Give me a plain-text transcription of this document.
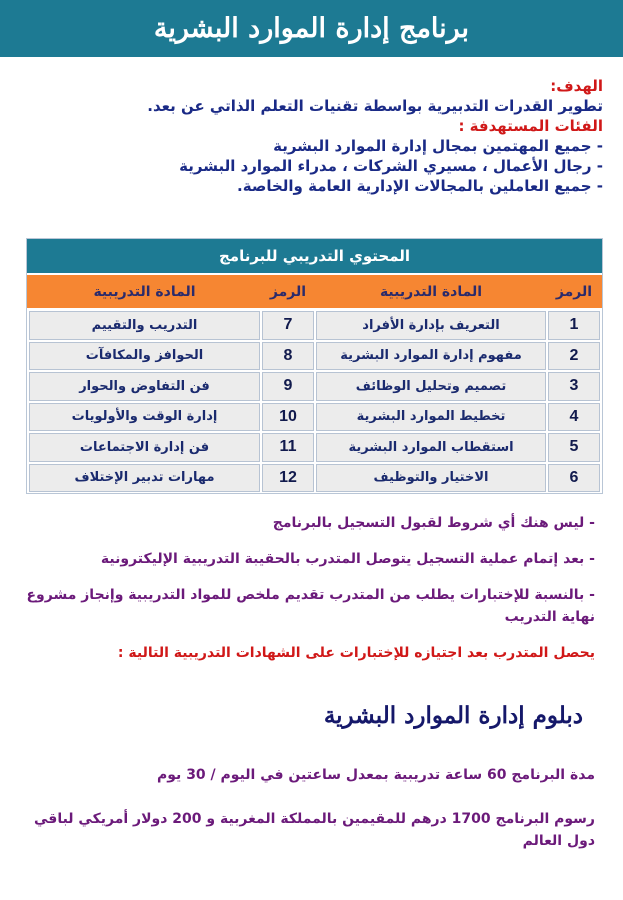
برنامج إدارة الموارد البشرية
الهدف:
تطوير القدرات التدبيرية بواسطة تقنيات التعلم الذاتي عن بعد.
الفئات المستهدفة :
- جميع المهتمين بمجال إدارة الموارد البشرية
- رجال الأعمال ، مسيري الشركات ، مدراء الموارد البشرية
- جميع العاملين بالمجالات الإدارية العامة والخاصة.
المحتوي التدريبي للبرنامج
الرمز
المادة التدريبية
الرمز
المادة التدريبية
1
التعريف بإدارة الأفراد
7
التدريب والتقييم
2
مفهوم إدارة الموارد البشرية
8
الحوافز والمكافآت
3
تصميم وتحليل الوظائف
9
فن التفاوض والحوار
4
تخطيط الموارد البشرية
10
إدارة الوقت والأولويات
5
استقطاب الموارد البشرية
11
فن إدارة الاجتماعات
6
الاختيار والتوظيف
12
مهارات تدبير الإختلاف
- ليس هنك أي شروط لقبول التسجيل بالبرنامج
- بعد إتمام عملية التسجيل يتوصل المتدرب بالحقيبة التدريبية الإليكترونية
- بالنسبة للإختبارات يطلب من المتدرب تقديم ملخص للمواد التدريبية وإنجاز مشروع نهاية التدريب
يحصل المتدرب بعد اجتيازه للإختبارات على الشهادات التدريبية التالية :
دبلوم إدارة الموارد البشرية
مدة البرنامج 60 ساعة تدريبية بمعدل ساعتين في اليوم / 30 يوم
رسوم البرنامج 1700 درهم للمقيمين بالمملكة المغربية و 200 دولار أمريكي لباقي دول العالم
